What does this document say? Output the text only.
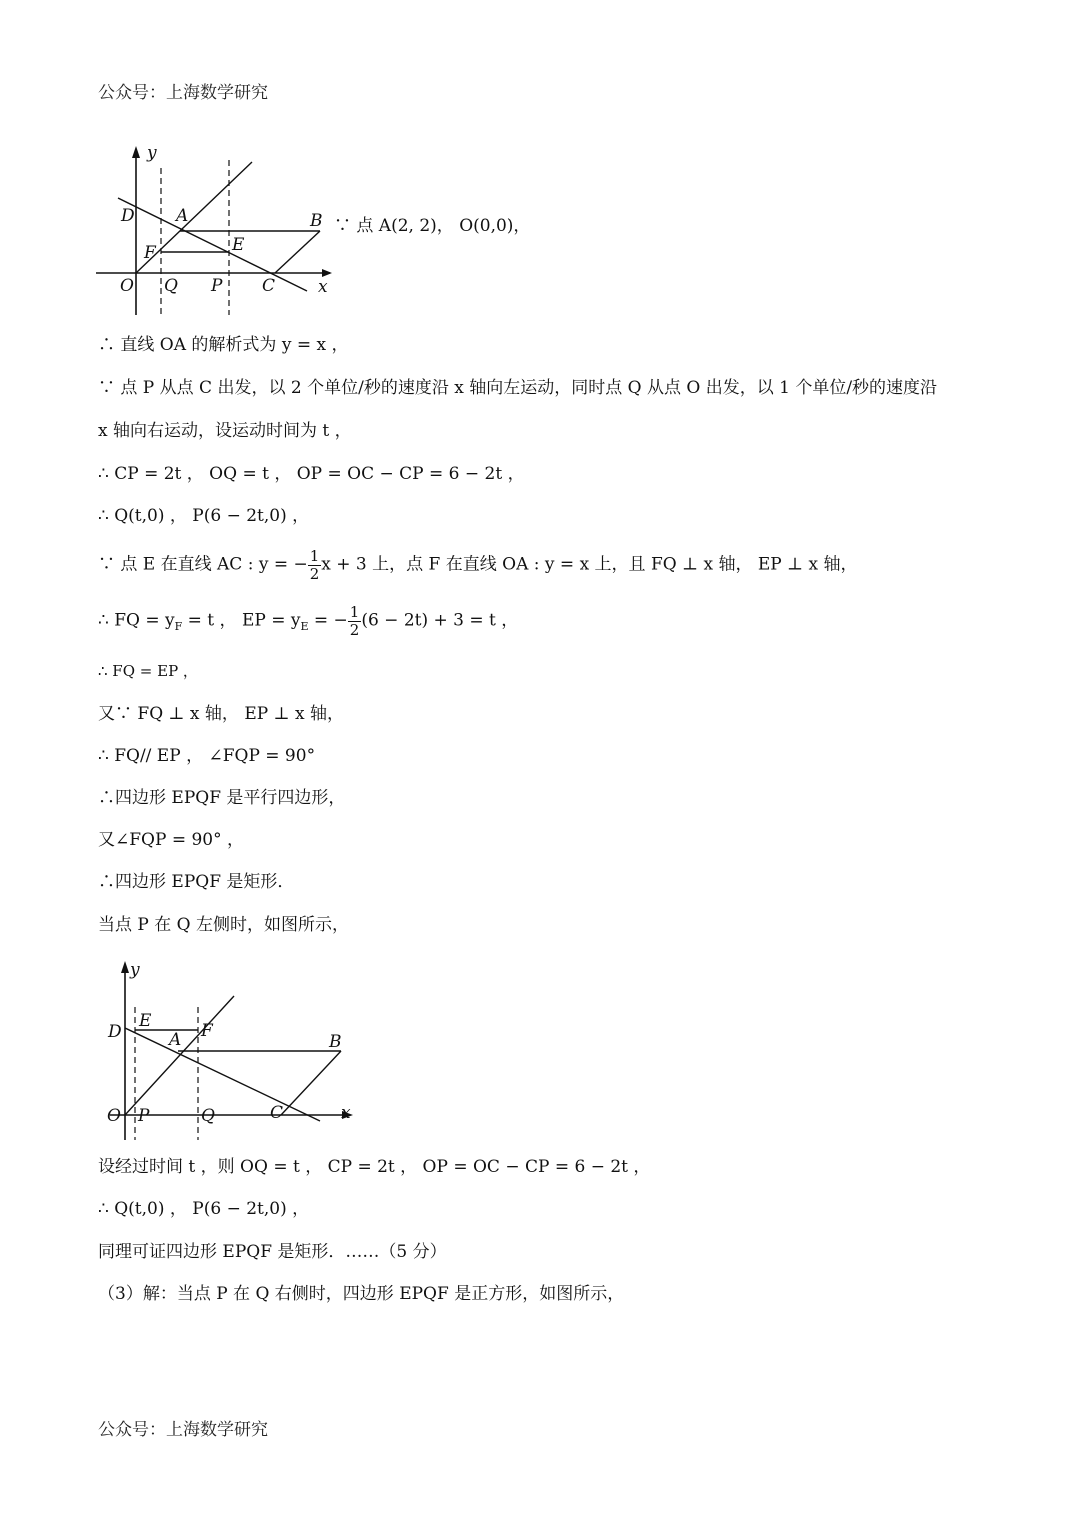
公众号：上海数学研究
y
x
D A	B
F	E
O Q P C
∵ 点 A(2, 2)， O(0,0)，
∴ 直线 OA 的解析式为 y = x ，
∵ 点 P 从点 C 出发，以 2 个单位/秒的速度沿 x 轴向左运动，同时点 Q 从点 O 出发，以 1 个单位/秒的速度沿
x 轴向右运动，设运动时间为 t ，
∴ CP = 2t ， OQ = t ， OP = OC − CP = 6 − 2t ，
∴ Q(t,0) ， P(6 − 2t,0) ，
∵ 点 E 在直线 AC : y = − $\frac{1}{2}$ x + 3 上，点 F 在直线 OA : y = x 上，且 FQ ⊥ x 轴， EP ⊥ x 轴，
∴ FQ = $y_F = t$ ， EP = $y_E$ = − $\frac{1}{2} (6 - 2t) + 3 = t$ ，
∴ FQ = EP ，
又∵ FQ ⊥ x 轴， EP ⊥ x 轴，
∴ FQ// EP ， ∠FQP = 90°
∴四边形 EPQF 是平行四边形，
又∠FQP = 90° ，
∴四边形 EPQF 是矩形．
当点 P 在 Q 左侧时，如图所示，
y
x
D
E	F
A	B
O P	Q	C
设经过时间 t ，则 OQ = t ， CP = 2t ， OP = OC − CP = 6 − 2t ，
∴ Q(t,0) ， P(6 − 2t,0) ，
同理可证四边形 EPQF 是矩形．……（5 分）
（3）解：当点 P 在 Q 右侧时，四边形 EPQF 是正方形，如图所示，
公众号：上海数学研究
